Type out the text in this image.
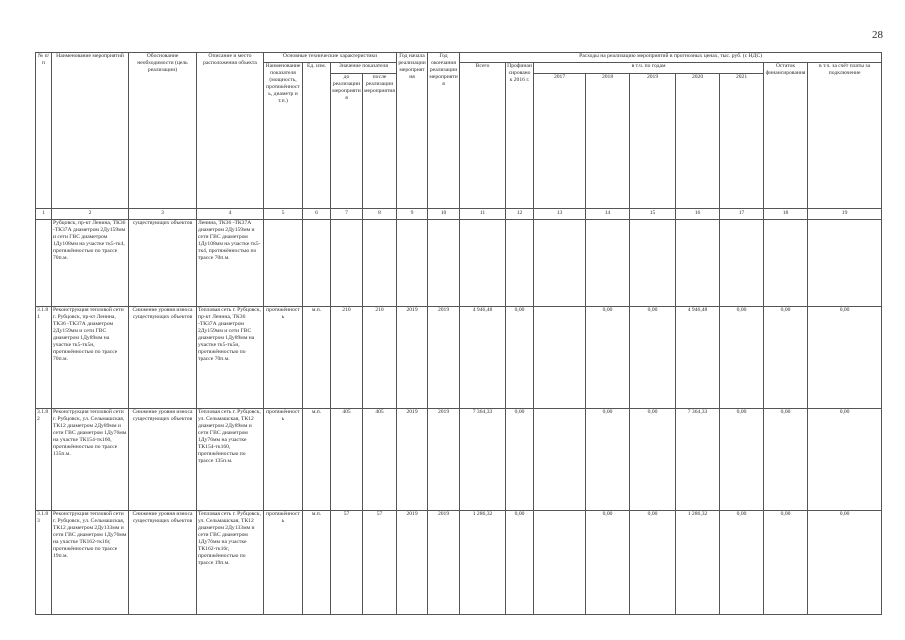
28
№ п/п	Наименование мероприятий	Обоснование необходимости (цель реализации)	Описание и место расположения объекта	Основные технические характеристики				Год начала реализации мероприятия	Год окончания реализации мероприятия	Расходы на реализацию мероприятий в прогнозных ценах, тыс. руб. (с НДС)								
				Наименование показателя (мощность, протяжённость, диаметр и т.п.)	Ед. изм.	Значение показателя				Всего	Профинансировано к 2016 г.	в т.ч. по годам					Остаток финансирования	в т.ч. за счёт платы за подключение
						до реализации мероприятия	после реализации мероприятия					2017	2018	2019	2020	2021		

1	2	3	4	5	6	7	8	9	10	11	12	13	14	15	16	17	18	19
	Рубцовск, пр-кт Ленина, ТК36 -ТК37А диаметром 2Ду159мм и сети ГВС диаметром 1Ду108мм на участке тк5-тк4, протяжённостью по трассе 70п.м.	существующих объектов	Ленина, ТК36 -ТК37А диаметром 2Ду159мм и сети ГВС диаметром 1Ду108мм на участке тк5-тк4, протяжённостью по трассе 70п.м.															
3.1.81	Реконструкция тепловой сети г. Рубцовск, пр-кт Ленина, ТК36 -ТК37А диаметром 2Ду159мм и сети ГВС диаметром 1Ду89мм на участке тк5-тк5н, протяжённостью по трассе 70п.м.	Снижение уровня износа существующих объектов	Тепловая сеть г. Рубцовск, пр-кт Ленина, ТК36 -ТК37А диаметром 2Ду159мм и сети ГВС диаметром 1Ду89мм на участке тк5-тк5н, протяжённостью по трассе 70п.м.	протяжённость	м.п.	210	210	2019	2019	4 946,48	0,00		0,00	0,00	4 946,48	0,00	0,00	0,00
3.1.82	Реконструкция тепловой сети г. Рубцовск, ул. Сельмашская, ТК12 диаметром 2Ду89мм и сети ГВС диаметром 1Ду76мм на участке ТК154-тк160, протяжённостью по трассе 135п.м.	Снижение уровня износа существующих объектов	Тепловая сеть г. Рубцовск, ул. Сельмашская, ТК12 диаметром 2Ду89мм и сети ГВС диаметром 1Ду76мм на участке ТК154-тк160, протяжённостью по трассе 135п.м.	протяжённость	м.п.	405	405	2019	2019	7 364,33	0,00		0,00	0,00	7 364,33	0,00	0,00	0,00
3.1.83	Реконструкция тепловой сети г. Рубцовск, ул. Сельмашская, ТК12 диаметром 2Ду133мм и сети ГВС диаметром 1Ду76мм на участке ТК162-тк16г, протяжённостью по трассе 19п.м.	Снижение уровня износа существующих объектов	Тепловая сеть г. Рубцовск, ул. Сельмашская, ТК12 диаметром 2Ду133мм и сети ГВС диаметром 1Ду76мм на участке ТК162-тк16г, протяжённостью по трассе 19п.м.	протяжённость	м.п.	57	57	2019	2019	1 286,32	0,00		0,00	0,00	1 286,32	0,00	0,00	0,00
